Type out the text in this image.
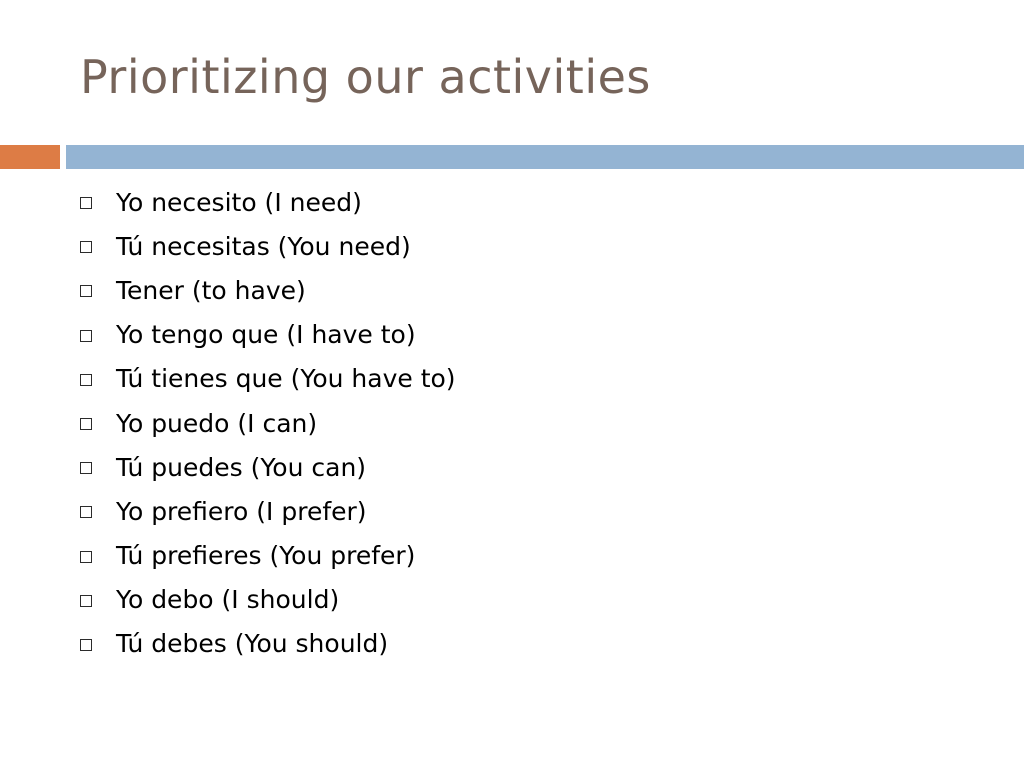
Prioritizing our activities
Yo necesito (I need)
Tú necesitas (You need)
Tener (to have)
Yo tengo que (I have to)
Tú tienes que (You have to)
Yo puedo (I can)
Tú puedes (You can)
Yo prefiero (I prefer)
Tú prefieres (You prefer)
Yo debo (I should)
Tú debes (You should)
